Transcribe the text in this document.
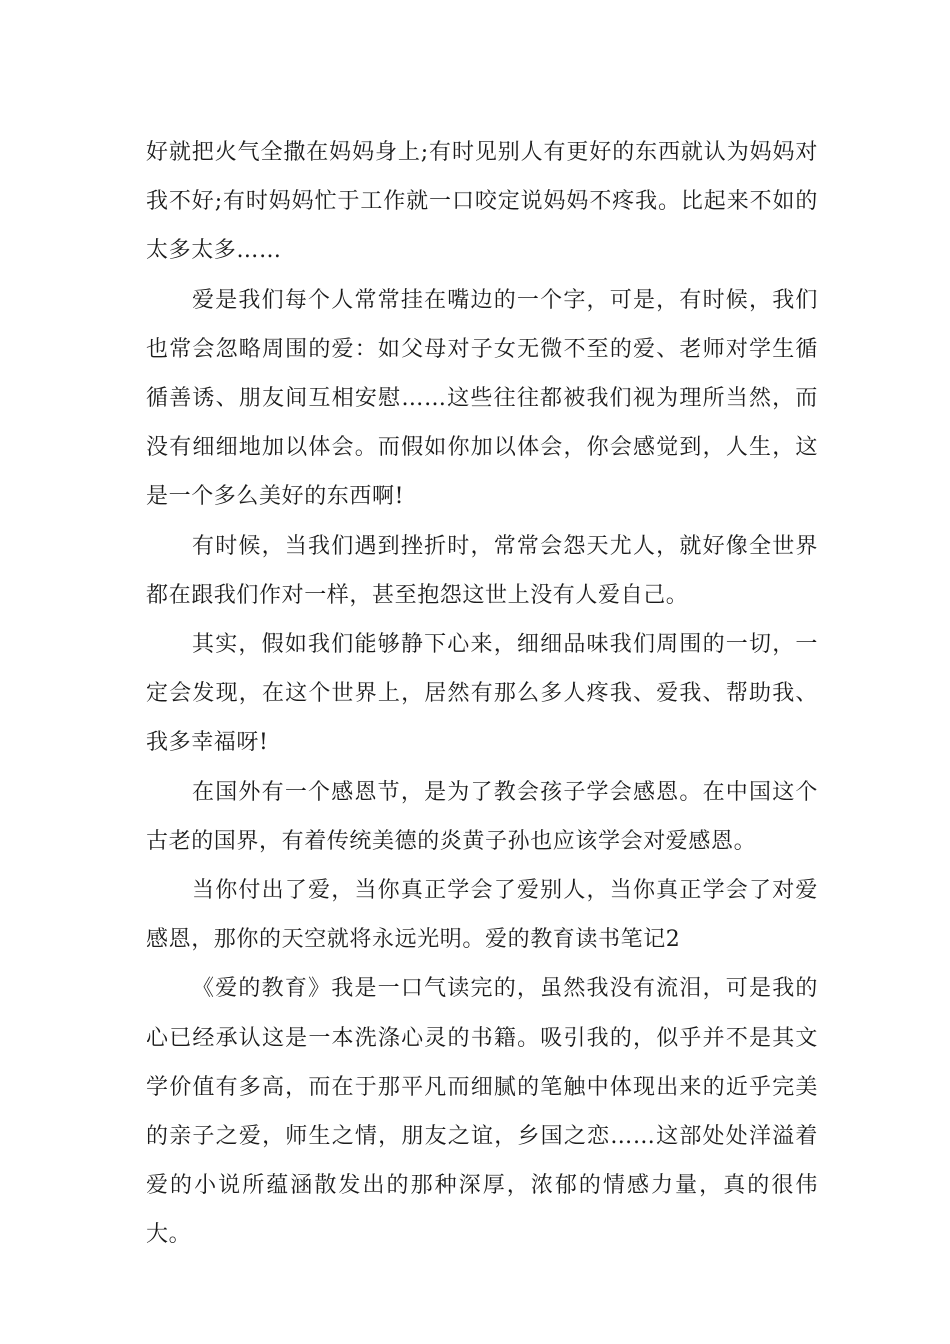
好就把火气全撒在妈妈身上;有时见别人有更好的东西就认为妈妈对我不好;有时妈妈忙于工作就一口咬定说妈妈不疼我。比起来不如的太多太多……

爱是我们每个人常常挂在嘴边的一个字，可是，有时候，我们也常会忽略周围的爱：如父母对子女无微不至的爱、老师对学生循循善诱、朋友间互相安慰……这些往往都被我们视为理所当然，而没有细细地加以体会。而假如你加以体会，你会感觉到，人生，这是一个多么美好的东西啊!

有时候，当我们遇到挫折时，常常会怨天尤人，就好像全世界都在跟我们作对一样，甚至抱怨这世上没有人爱自己。

其实，假如我们能够静下心来，细细品味我们周围的一切，一定会发现，在这个世界上，居然有那么多人疼我、爱我、帮助我、我多幸福呀!

在国外有一个感恩节，是为了教会孩子学会感恩。在中国这个古老的国界，有着传统美德的炎黄子孙也应该学会对爱感恩。

当你付出了爱，当你真正学会了爱别人，当你真正学会了对爱感恩，那你的天空就将永远光明。爱的教育读书笔记2

《爱的教育》我是一口气读完的，虽然我没有流泪，可是我的心已经承认这是一本洗涤心灵的书籍。吸引我的，似乎并不是其文学价值有多高，而在于那平凡而细腻的笔触中体现出来的近乎完美的亲子之爱，师生之情，朋友之谊，乡国之恋……这部处处洋溢着爱的小说所蕴涵散发出的那种深厚，浓郁的情感力量，真的很伟大。
